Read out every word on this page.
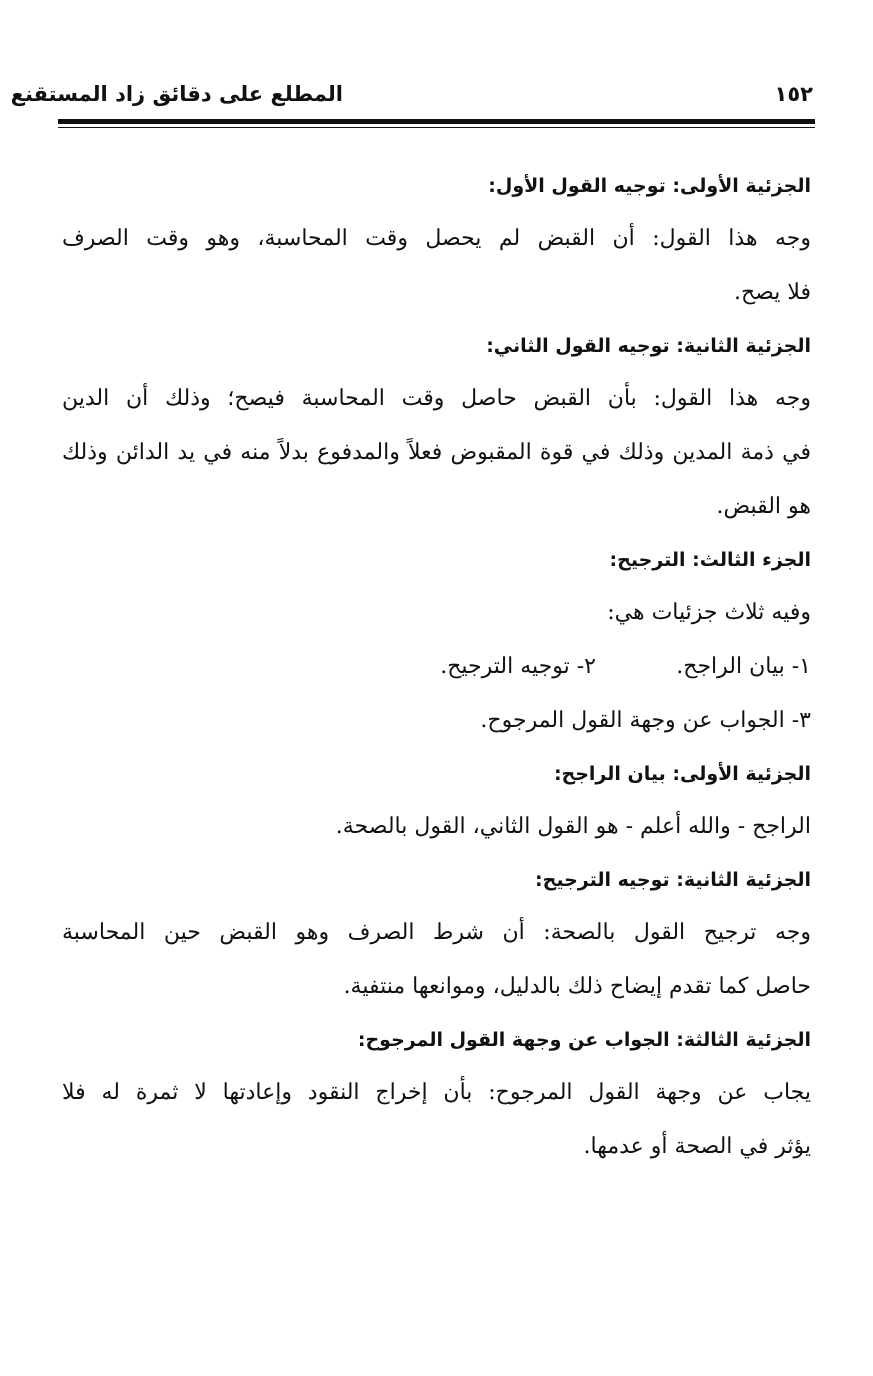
١٥٢
المطلع على دقائق زاد المستقنع
الجزئية الأولى: توجيه القول الأول:
وجه هذا القول: أن القبض لم يحصل وقت المحاسبة، وهو وقت الصرف
فلا يصح.
الجزئية الثانية: توجيه القول الثاني:
وجه هذا القول: بأن القبض حاصل وقت المحاسبة فيصح؛ وذلك أن الدين
في ذمة المدين وذلك في قوة المقبوض فعلاً والمدفوع بدلاً منه في يد الدائن وذلك
هو القبض.
الجزء الثالث: الترجيح:
وفيه ثلاث جزئيات هي:
١- بيان الراجح.
٢- توجيه الترجيح.
٣- الجواب عن وجهة القول المرجوح.
الجزئية الأولى: بيان الراجح:
الراجح - والله أعلم - هو القول الثاني، القول بالصحة.
الجزئية الثانية: توجيه الترجيح:
وجه ترجيح القول بالصحة: أن شرط الصرف وهو القبض حين المحاسبة
حاصل كما تقدم إيضاح ذلك بالدليل، وموانعها منتفية.
الجزئية الثالثة: الجواب عن وجهة القول المرجوح:
يجاب عن وجهة القول المرجوح: بأن إخراج النقود وإعادتها لا ثمرة له فلا
يؤثر في الصحة أو عدمها.
